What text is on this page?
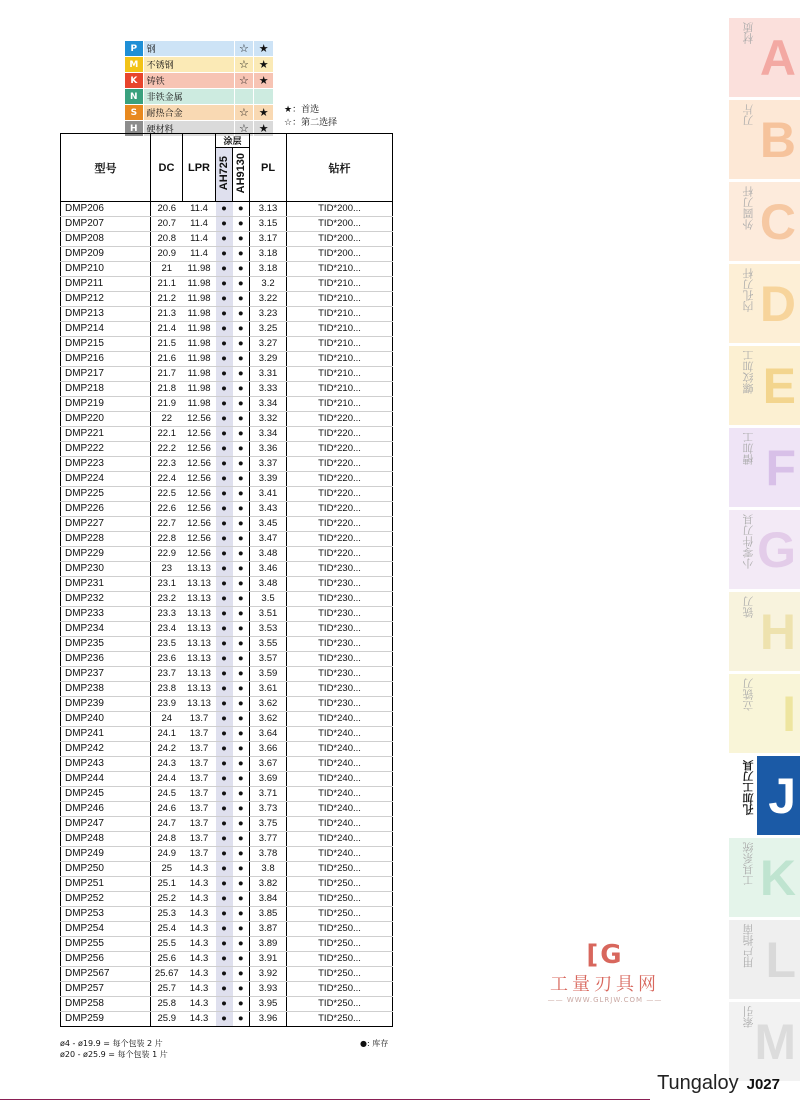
P	钢	☆	★
M	不锈钢	☆	★
K	铸铁	☆	★
N	非铁金属		
S	耐热合金	☆	★
H	硬材料	☆	★
★：首选
☆：第二选择
型号	DC	LPR	涂层		PL	钻杆
			AH725	AH9130		
DMP206	20.6	11.4	●	●	3.13	TID*200...
DMP207	20.7	11.4	●	●	3.15	TID*200...
DMP208	20.8	11.4	●	●	3.17	TID*200...
DMP209	20.9	11.4	●	●	3.18	TID*200...
DMP210	21	11.98	●	●	3.18	TID*210...
DMP211	21.1	11.98	●	●	3.2	TID*210...
DMP212	21.2	11.98	●	●	3.22	TID*210...
DMP213	21.3	11.98	●	●	3.23	TID*210...
DMP214	21.4	11.98	●	●	3.25	TID*210...
DMP215	21.5	11.98	●	●	3.27	TID*210...
DMP216	21.6	11.98	●	●	3.29	TID*210...
DMP217	21.7	11.98	●	●	3.31	TID*210...
DMP218	21.8	11.98	●	●	3.33	TID*210...
DMP219	21.9	11.98	●	●	3.34	TID*210...
DMP220	22	12.56	●	●	3.32	TID*220...
DMP221	22.1	12.56	●	●	3.34	TID*220...
DMP222	22.2	12.56	●	●	3.36	TID*220...
DMP223	22.3	12.56	●	●	3.37	TID*220...
DMP224	22.4	12.56	●	●	3.39	TID*220...
DMP225	22.5	12.56	●	●	3.41	TID*220...
DMP226	22.6	12.56	●	●	3.43	TID*220...
DMP227	22.7	12.56	●	●	3.45	TID*220...
DMP228	22.8	12.56	●	●	3.47	TID*220...
DMP229	22.9	12.56	●	●	3.48	TID*220...
DMP230	23	13.13	●	●	3.46	TID*230...
DMP231	23.1	13.13	●	●	3.48	TID*230...
DMP232	23.2	13.13	●	●	3.5	TID*230...
DMP233	23.3	13.13	●	●	3.51	TID*230...
DMP234	23.4	13.13	●	●	3.53	TID*230...
DMP235	23.5	13.13	●	●	3.55	TID*230...
DMP236	23.6	13.13	●	●	3.57	TID*230...
DMP237	23.7	13.13	●	●	3.59	TID*230...
DMP238	23.8	13.13	●	●	3.61	TID*230...
DMP239	23.9	13.13	●	●	3.62	TID*230...
DMP240	24	13.7	●	●	3.62	TID*240...
DMP241	24.1	13.7	●	●	3.64	TID*240...
DMP242	24.2	13.7	●	●	3.66	TID*240...
DMP243	24.3	13.7	●	●	3.67	TID*240...
DMP244	24.4	13.7	●	●	3.69	TID*240...
DMP245	24.5	13.7	●	●	3.71	TID*240...
DMP246	24.6	13.7	●	●	3.73	TID*240...
DMP247	24.7	13.7	●	●	3.75	TID*240...
DMP248	24.8	13.7	●	●	3.77	TID*240...
DMP249	24.9	13.7	●	●	3.78	TID*240...
DMP250	25	14.3	●	●	3.8	TID*250...
DMP251	25.1	14.3	●	●	3.82	TID*250...
DMP252	25.2	14.3	●	●	3.84	TID*250...
DMP253	25.3	14.3	●	●	3.85	TID*250...
DMP254	25.4	14.3	●	●	3.87	TID*250...
DMP255	25.5	14.3	●	●	3.89	TID*250...
DMP256	25.6	14.3	●	●	3.91	TID*250...
DMP2567	25.67	14.3	●	●	3.92	TID*250...
DMP257	25.7	14.3	●	●	3.93	TID*250...
DMP258	25.8	14.3	●	●	3.95	TID*250...
DMP259	25.9	14.3	●	●	3.96	TID*250...
ø4 - ø19.9 = 每个包装 2 片
ø20 - ø25.9 = 每个包装 1 片
●: 库存
[G
工量刃具网
—— WWW.GLRJW.COM ——
材质 A
刀片 B
外圆刀杆 C
内孔刀杆 D
螺纹加工 E
槽加工 F
小零件刀具 G
铣刀 H
立铣刀 I
孔加工刀具 J
工具系统 K
用户指南 L
索引 M
Tungaloy J027
